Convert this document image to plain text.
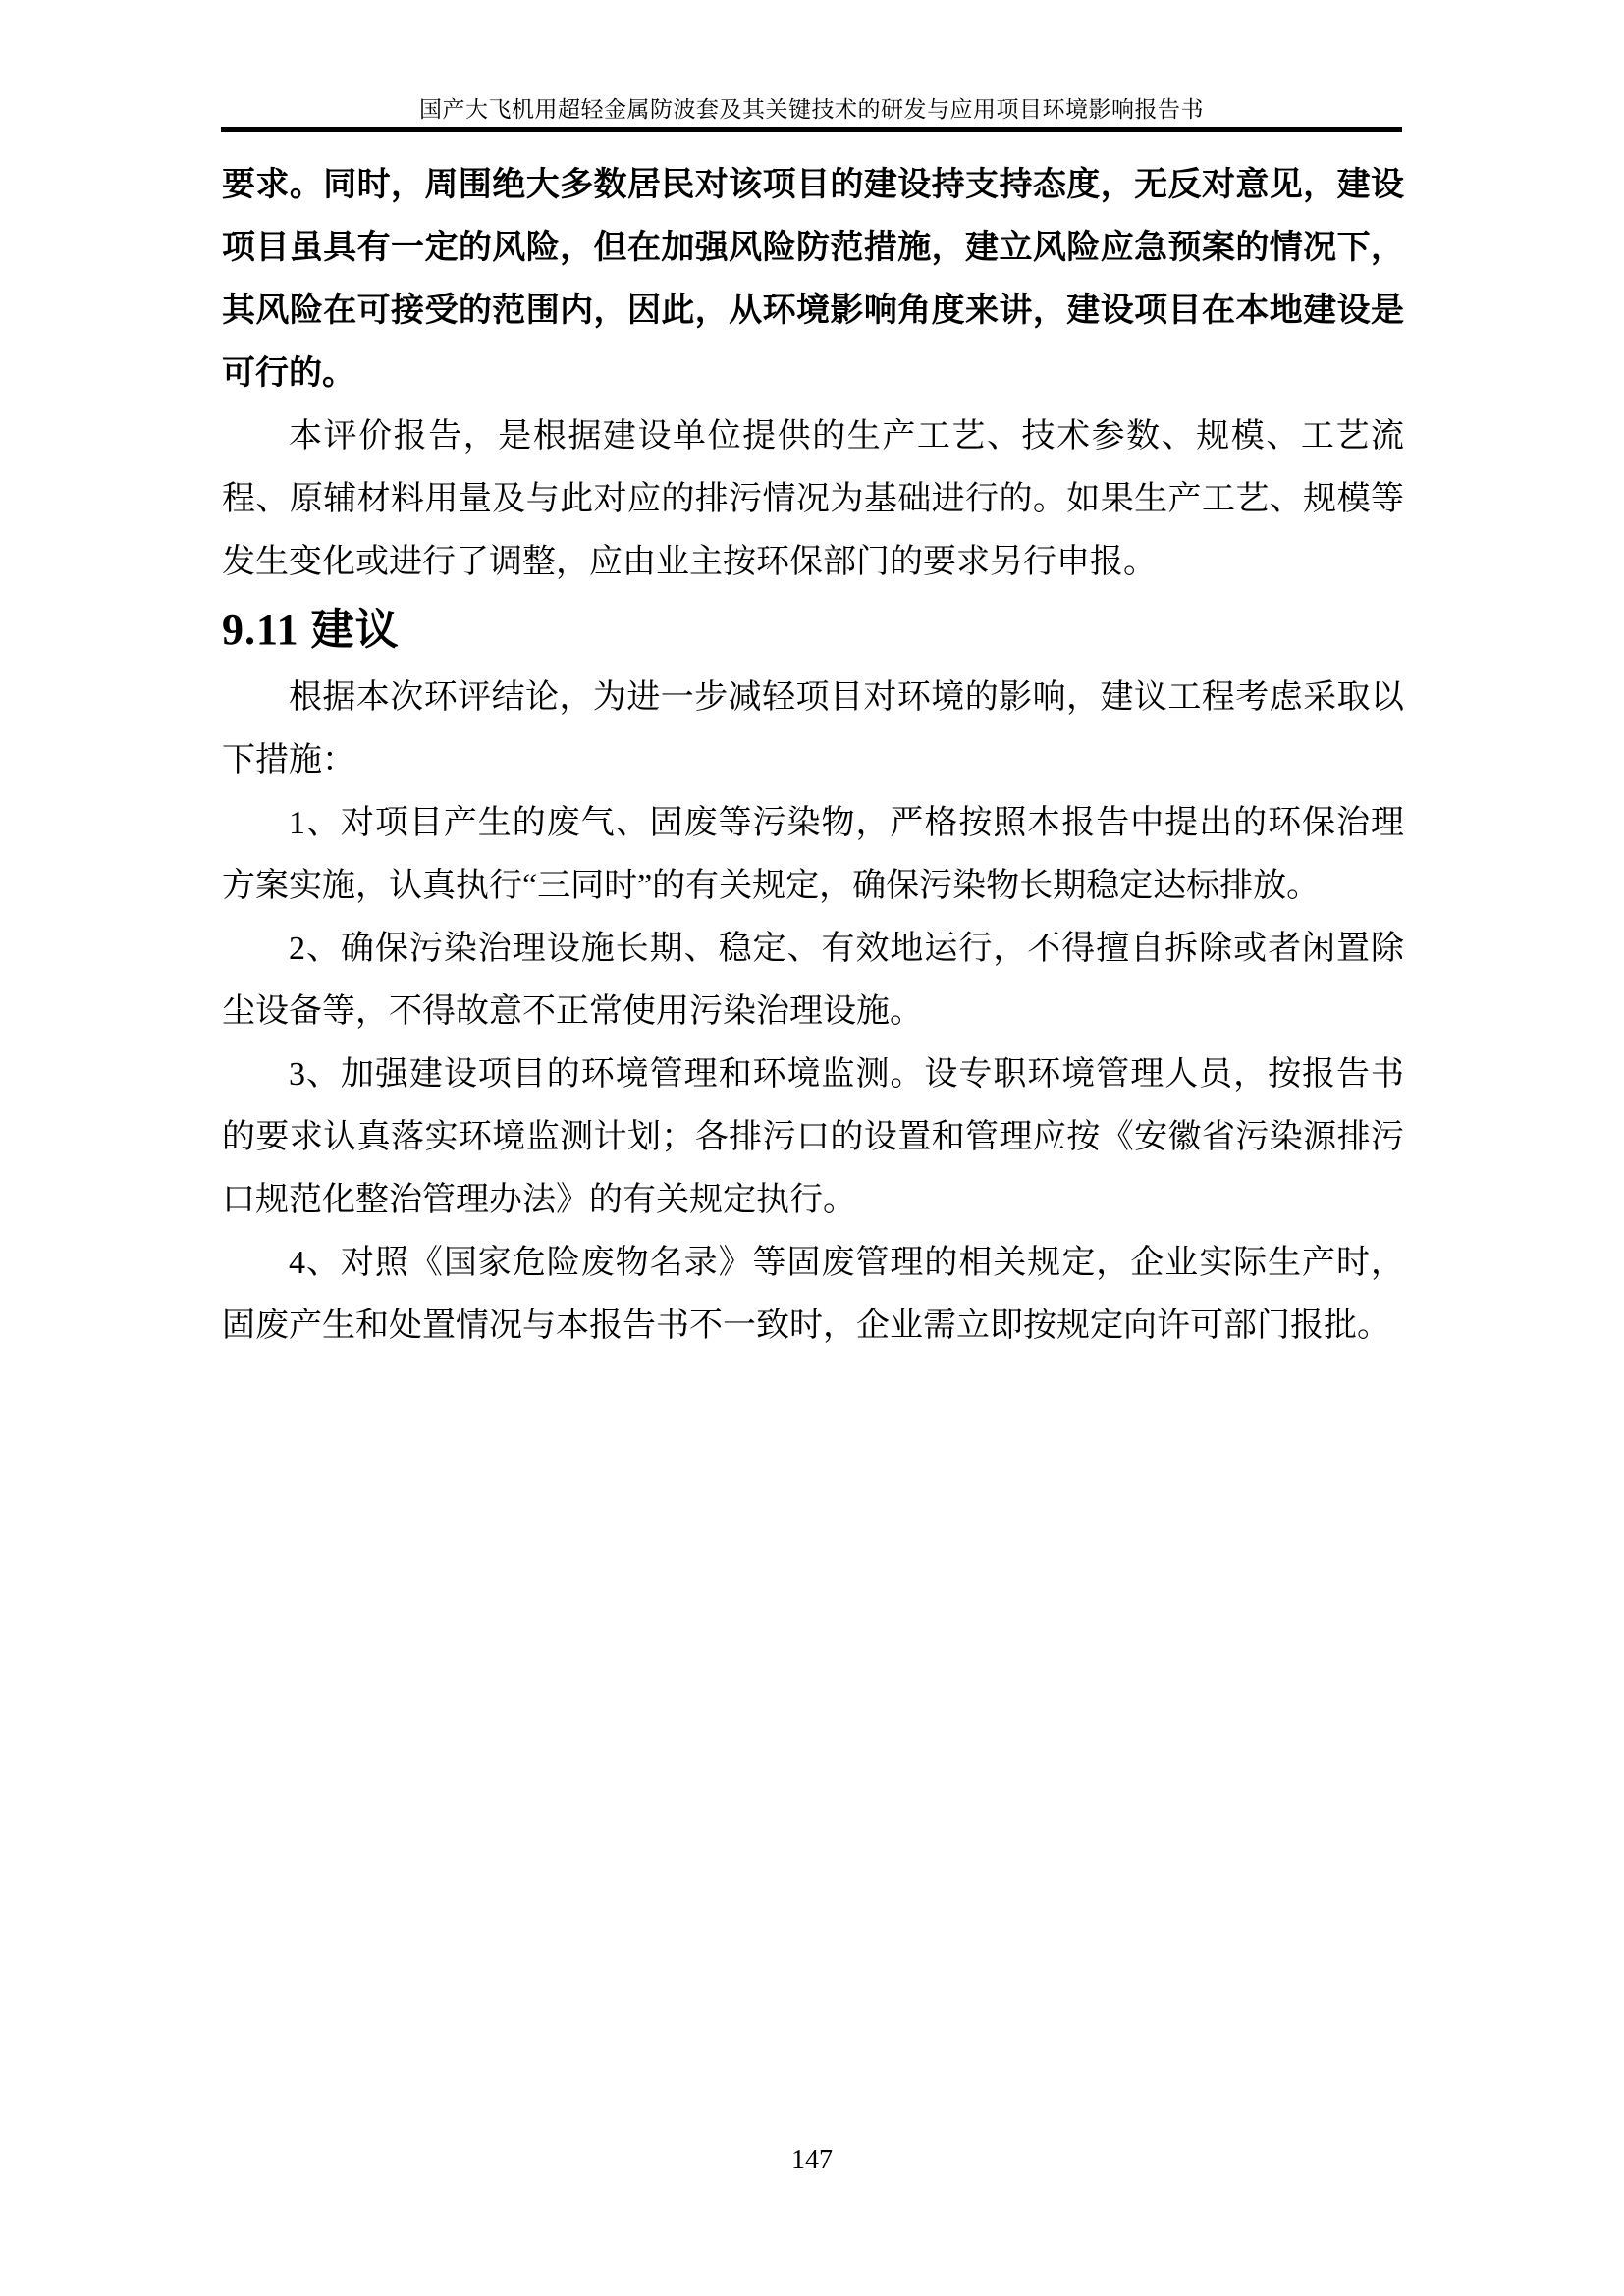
国产大飞机用超轻金属防波套及其关键技术的研发与应用项目环境影响报告书

要求。同时，周围绝大多数居民对该项目的建设持支持态度，无反对意见，建设项目虽具有一定的风险，但在加强风险防范措施，建立风险应急预案的情况下，其风险在可接受的范围内，因此，从环境影响角度来讲，建设项目在本地建设是可行的。

本评价报告，是根据建设单位提供的生产工艺、技术参数、规模、工艺流程、原辅材料用量及与此对应的排污情况为基础进行的。如果生产工艺、规模等发生变化或进行了调整，应由业主按环保部门的要求另行申报。

9.11 建议

根据本次环评结论，为进一步减轻项目对环境的影响，建议工程考虑采取以下措施：

1、对项目产生的废气、固废等污染物，严格按照本报告中提出的环保治理方案实施，认真执行“三同时”的有关规定，确保污染物长期稳定达标排放。

2、确保污染治理设施长期、稳定、有效地运行，不得擅自拆除或者闲置除尘设备等，不得故意不正常使用污染治理设施。

3、加强建设项目的环境管理和环境监测。设专职环境管理人员，按报告书的要求认真落实环境监测计划；各排污口的设置和管理应按《安徽省污染源排污口规范化整治管理办法》的有关规定执行。

4、对照《国家危险废物名录》等固废管理的相关规定，企业实际生产时，固废产生和处置情况与本报告书不一致时，企业需立即按规定向许可部门报批。

147
